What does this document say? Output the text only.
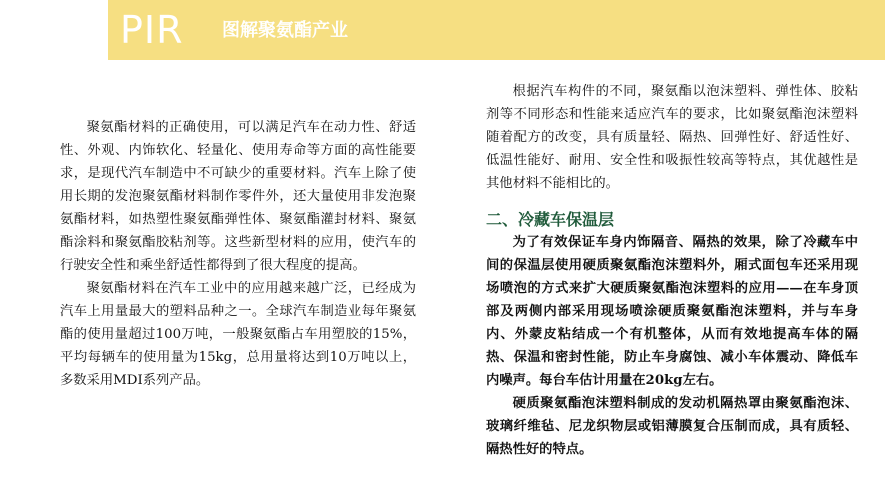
PIR 图解聚氨酯产业

聚氨酯材料的正确使用，可以满足汽车在动力性、舒适性、外观、内饰软化、轻量化、使用寿命等方面的高性能要求，是现代汽车制造中不可缺少的重要材料。汽车上除了使用长期的发泡聚氨酯材料制作零件外，还大量使用非发泡聚氨酯材料，如热塑性聚氨酯弹性体、聚氨酯灌封材料、聚氨酯涂料和聚氨酯胶粘剂等。这些新型材料的应用，使汽车的行驶安全性和乘坐舒适性都得到了很大程度的提高。

聚氨酯材料在汽车工业中的应用越来越广泛，已经成为汽车上用量最大的塑料品种之一。全球汽车制造业每年聚氨酯的使用量超过100万吨，一般聚氨酯占车用塑胶的15%，平均每辆车的使用量为15kg，总用量将达到10万吨以上，多数采用MDI系列产品。

根据汽车构件的不同，聚氨酯以泡沫塑料、弹性体、胶粘剂等不同形态和性能来适应汽车的要求，比如聚氨酯泡沫塑料随着配方的改变，具有质量轻、隔热、回弹性好、舒适性好、低温性能好、耐用、安全性和吸振性较高等特点，其优越性是其他材料不能相比的。

二、冷藏车保温层

为了有效保证车身内饰隔音、隔热的效果，除了冷藏车中间的保温层使用硬质聚氨酯泡沫塑料外，厢式面包车还采用现场喷泡的方式来扩大硬质聚氨酯泡沫塑料的应用——在车身顶部及两侧内部采用现场喷涂硬质聚氨酯泡沫塑料，并与车身内、外蒙皮粘结成一个有机整体，从而有效地提高车体的隔热、保温和密封性能，防止车身腐蚀、减小车体震动、降低车内噪声。每台车估计用量在20kg左右。

硬质聚氨酯泡沫塑料制成的发动机隔热罩由聚氨酯泡沫、玻璃纤维毡、尼龙织物层或铝薄膜复合压制而成，具有质轻、隔热性好的特点。
